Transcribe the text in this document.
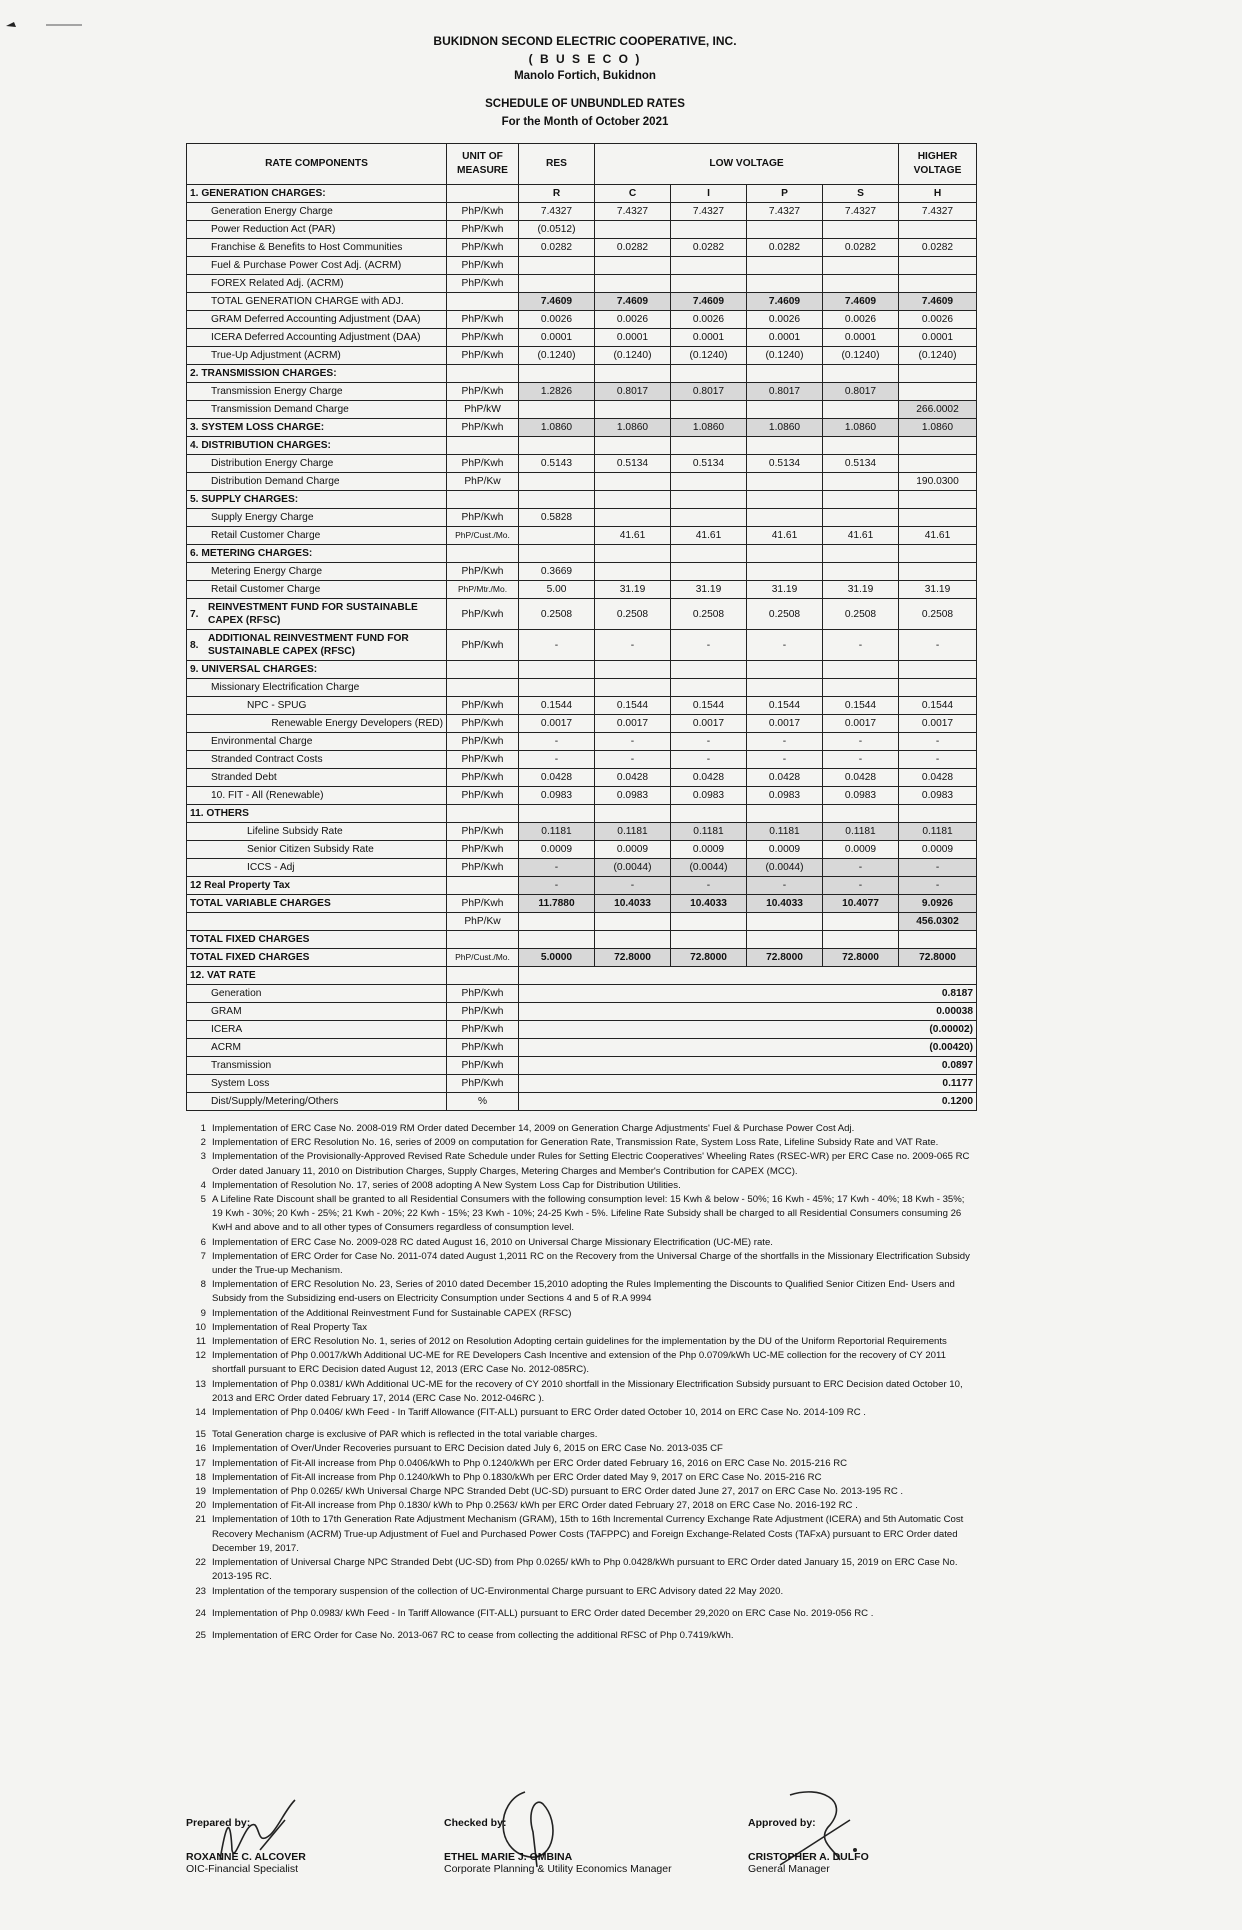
BUKIDNON SECOND ELECTRIC COOPERATIVE, INC.
( B U S E C O )
Manolo Fortich, Bukidnon
SCHEDULE OF UNBUNDLED RATES
For the Month of October 2021
RATE COMPONENTS	UNIT OF MEASURE	RES	LOW VOLTAGE				HIGHER VOLTAGE
1. GENERATION CHARGES:		R	C	I	P	S	H
Generation Energy Charge	PhP/Kwh	7.4327	7.4327	7.4327	7.4327	7.4327	7.4327
Power Reduction Act (PAR)	PhP/Kwh	(0.0512)					
Franchise & Benefits to Host Communities	PhP/Kwh	0.0282	0.0282	0.0282	0.0282	0.0282	0.0282
Fuel & Purchase Power Cost Adj. (ACRM)	PhP/Kwh						
FOREX Related Adj. (ACRM)	PhP/Kwh						
TOTAL GENERATION CHARGE with ADJ.		7.4609	7.4609	7.4609	7.4609	7.4609	7.4609
GRAM Deferred Accounting Adjustment (DAA)	PhP/Kwh	0.0026	0.0026	0.0026	0.0026	0.0026	0.0026
ICERA Deferred Accounting Adjustment (DAA)	PhP/Kwh	0.0001	0.0001	0.0001	0.0001	0.0001	0.0001
True-Up Adjustment (ACRM)	PhP/Kwh	(0.1240)	(0.1240)	(0.1240)	(0.1240)	(0.1240)	(0.1240)
2. TRANSMISSION CHARGES:							
Transmission Energy Charge	PhP/Kwh	1.2826	0.8017	0.8017	0.8017	0.8017	
Transmission Demand Charge	PhP/kW						266.0002
3. SYSTEM LOSS CHARGE:	PhP/Kwh	1.0860	1.0860	1.0860	1.0860	1.0860	1.0860
4. DISTRIBUTION CHARGES:							
Distribution Energy Charge	PhP/Kwh	0.5143	0.5134	0.5134	0.5134	0.5134	
Distribution Demand Charge	PhP/Kw						190.0300
5. SUPPLY CHARGES:							
Supply Energy Charge	PhP/Kwh	0.5828					
Retail Customer Charge	PhP/Cust./Mo.		41.61	41.61	41.61	41.61	41.61
6. METERING CHARGES:							
Metering Energy Charge	PhP/Kwh	0.3669					
Retail Customer Charge	PhP/Mtr./Mo.	5.00	31.19	31.19	31.19	31.19	31.19
7.REINVESTMENT FUND FOR SUSTAINABLE CAPEX (RFSC)	PhP/Kwh	0.2508	0.2508	0.2508	0.2508	0.2508	0.2508
8.ADDITIONAL REINVESTMENT FUND FOR SUSTAINABLE CAPEX (RFSC)	PhP/Kwh	-	-	-	-	-	-
9. UNIVERSAL CHARGES:							
Missionary Electrification Charge							
NPC - SPUG	PhP/Kwh	0.1544	0.1544	0.1544	0.1544	0.1544	0.1544
Renewable Energy Developers (RED)	PhP/Kwh	0.0017	0.0017	0.0017	0.0017	0.0017	0.0017
Environmental Charge	PhP/Kwh	-	-	-	-	-	-
Stranded Contract Costs	PhP/Kwh	-	-	-	-	-	-
Stranded Debt	PhP/Kwh	0.0428	0.0428	0.0428	0.0428	0.0428	0.0428
10. FIT - All (Renewable)	PhP/Kwh	0.0983	0.0983	0.0983	0.0983	0.0983	0.0983
11. OTHERS							
Lifeline Subsidy Rate	PhP/Kwh	0.1181	0.1181	0.1181	0.1181	0.1181	0.1181
Senior Citizen Subsidy Rate	PhP/Kwh	0.0009	0.0009	0.0009	0.0009	0.0009	0.0009
ICCS - Adj	PhP/Kwh	-	(0.0044)	(0.0044)	(0.0044)	-	-
12 Real Property Tax		-	-	-	-	-	-
TOTAL VARIABLE CHARGES	PhP/Kwh	11.7880	10.4033	10.4033	10.4033	10.4077	9.0926
	PhP/Kw						456.0302
TOTAL FIXED CHARGES							
TOTAL FIXED CHARGES	PhP/Cust./Mo.	5.0000	72.8000	72.8000	72.8000	72.8000	72.8000
12. VAT RATE							
Generation	PhP/Kwh	0.8187					
GRAM	PhP/Kwh	0.00038					
ICERA	PhP/Kwh	(0.00002)					
ACRM	PhP/Kwh	(0.00420)					
Transmission	PhP/Kwh	0.0897					
System Loss	PhP/Kwh	0.1177					
Dist/Supply/Metering/Others	%	0.1200					
1 Implementation of ERC Case No. 2008-019 RM Order dated December 14, 2009 on Generation Charge Adjustments' Fuel & Purchase Power Cost Adj.
2 Implementation of ERC Resolution No. 16, series of 2009 on computation for Generation Rate, Transmission Rate, System Loss Rate, Lifeline Subsidy Rate and VAT Rate.
3 Implementation of the Provisionally-Approved Revised Rate Schedule under Rules for Setting Electric Cooperatives' Wheeling Rates (RSEC-WR) per ERC Case no. 2009-065 RC Order dated January 11, 2010 on Distribution Charges, Supply Charges, Metering Charges and Member's Contribution for CAPEX (MCC).
4 Implementation of Resolution No. 17, series of 2008 adopting A New System Loss Cap for Distribution Utilities.
5 A Lifeline Rate Discount shall be granted to all Residential Consumers with the following consumption level: 15 Kwh & below - 50%; 16 Kwh - 45%; 17 Kwh - 40%; 18 Kwh - 35%; 19 Kwh - 30%; 20 Kwh - 25%; 21 Kwh - 20%; 22 Kwh - 15%; 23 Kwh - 10%; 24-25 Kwh - 5%. Lifeline Rate Subsidy shall be charged to all Residential Consumers consuming 26 KwH and above and to all other types of Consumers regardless of consumption level.
6 Implementation of ERC Case No. 2009-028 RC dated August 16, 2010 on Universal Charge Missionary Electrification (UC-ME) rate.
7 Implementation of ERC Order for Case No. 2011-074 dated August 1,2011 RC on the Recovery from the Universal Charge of the shortfalls in the Missionary Electrification Subsidy under the True-up Mechanism.
8 Implementation of ERC Resolution No. 23, Series of 2010 dated December 15,2010 adopting the Rules Implementing the Discounts to Qualified Senior Citizen End- Users and Subsidy from the Subsidizing end-users on Electricity Consumption under Sections 4 and 5 of R.A 9994
9 Implementation of the Additional Reinvestment Fund for Sustainable CAPEX (RFSC)
10 Implementation of Real Property Tax
11 Implementation of ERC Resolution No. 1, series of 2012 on Resolution Adopting certain guidelines for the implementation by the DU of the Uniform Reportorial Requirements
12 Implementation of Php 0.0017/kWh Additional UC-ME for RE Developers Cash Incentive and extension of the Php 0.0709/kWh UC-ME collection for the recovery of CY 2011 shortfall pursuant to ERC Decision dated August 12, 2013 (ERC Case No. 2012-085RC).
13 Implementation of Php 0.0381/ kWh Additional UC-ME for the recovery of CY 2010 shortfall in the Missionary Electrification Subsidy pursuant to ERC Decision dated October 10, 2013 and ERC Order dated February 17, 2014 (ERC Case No. 2012-046RC ).
14 Implementation of Php 0.0406/ kWh Feed - In Tariff Allowance (FIT-ALL) pursuant to ERC Order dated October 10, 2014 on ERC Case No. 2014-109 RC .
15 Total Generation charge is exclusive of PAR which is reflected in the total variable charges.
16 Implementation of Over/Under Recoveries pursuant to ERC Decision dated July 6, 2015 on ERC Case No. 2013-035 CF
17 Implementation of Fit-All increase from Php 0.0406/kWh to Php 0.1240/kWh per ERC Order dated February 16, 2016 on ERC Case No. 2015-216 RC
18 Implementation of Fit-All increase from Php 0.1240/kWh to Php 0.1830/kWh per ERC Order dated May 9, 2017 on ERC Case No. 2015-216 RC
19 Implementation of Php 0.0265/ kWh Universal Charge NPC Stranded Debt (UC-SD) pursuant to ERC Order dated June 27, 2017 on ERC Case No. 2013-195 RC .
20 Implementation of Fit-All increase from Php 0.1830/ kWh to Php 0.2563/ kWh per ERC Order dated February 27, 2018 on ERC Case No. 2016-192 RC .
21 Implementation of 10th to 17th Generation Rate Adjustment Mechanism (GRAM), 15th to 16th Incremental Currency Exchange Rate Adjustment (ICERA) and 5th Automatic Cost Recovery Mechanism (ACRM) True-up Adjustment of Fuel and Purchased Power Costs (TAFPPC) and Foreign Exchange-Related Costs (TAFxA) pursuant to ERC Order dated December 19, 2017.
22 Implementation of Universal Charge NPC Stranded Debt (UC-SD) from Php 0.0265/ kWh to Php 0.0428/kWh pursuant to ERC Order dated January 15, 2019 on ERC Case No. 2013-195 RC.
23 Implentation of the temporary suspension of the collection of UC-Environmental Charge pursuant to ERC Advisory dated 22 May 2020.
24 Implementation of Php 0.0983/ kWh Feed - In Tariff Allowance (FIT-ALL) pursuant to ERC Order dated December 29,2020 on ERC Case No. 2019-056 RC .
25 Implementation of ERC Order for Case No. 2013-067 RC to cease from collecting the additional RFSC of Php 0.7419/kWh.
Prepared by:
ROXANNE C. ALCOVER
OIC-Financial Specialist
Checked by:
ETHEL MARIE J. OMBINA
Corporate Planning & Utility Economics Manager
Approved by:
CRISTOPHER A. DULFO
General Manager
